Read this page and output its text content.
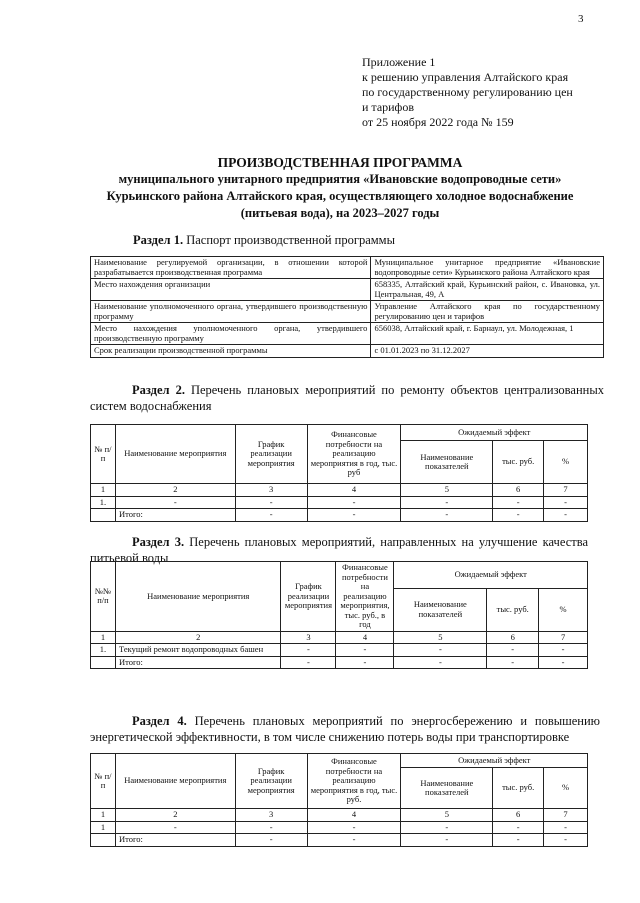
3
Приложение 1
к решению управления Алтайского края
по государственному регулированию цен
и тарифов
от 25 ноября 2022 года № 159
ПРОИЗВОДСТВЕННАЯ ПРОГРАММА
муниципального унитарного предприятия «Ивановские водопроводные сети»
Курьинского района Алтайского края, осуществляющего холодное водоснабжение
(питьевая вода), на 2023–2027 годы
Раздел 1. Паспорт производственной программы
Наименование регулируемой организации, в отношении которой разрабатывается производственная программа	Муниципальное унитарное предприятие «Ивановские водопроводные сети» Курьинского района Алтайского края
Место нахождения организации	658335, Алтайский край, Курьинский район, с. Ивановка, ул. Центральная, 49, А
Наименование уполномоченного органа, утвердившего производственную программу	Управление Алтайского края по государственному регулированию цен и тарифов
Место нахождения уполномоченного органа, утвердившего производственную программу	656038, Алтайский край, г. Барнаул, ул. Молодежная, 1
Срок реализации производственной программы	с 01.01.2023 по 31.12.2027
Раздел 2. Перечень плановых мероприятий по ремонту объектов централизованных систем водоснабжения
№ п/п	Наименование мероприятия	График реализации мероприятия	Финансовые потребности на реализацию мероприятия в год, тыс. руб	Ожидаемый эффект		
				Наименование показателей	тыс. руб.	%
1	2	3	4	5	6	7
1.	-	-	-	-	-	-
	Итого:	-	-	-	-	-
Раздел 3. Перечень плановых мероприятий, направленных на улучшение качества питьевой воды
№№ п/п	Наименование мероприятия	График реализации мероприятия	Финансовые потребности на реализацию мероприятия, тыс. руб., в год	Ожидаемый эффект		
				Наименование показателей	тыс. руб.	%
1	2	3	4	5	6	7
1.	Текущий ремонт водопроводных башен	-	-	-	-	-
	Итого:	-	-	-	-	-
Раздел 4. Перечень плановых мероприятий по энергосбережению и повышению энергетической эффективности, в том числе снижению потерь воды при транспортировке
№ п/п	Наименование мероприятия	График реализации мероприятия	Финансовые потребности на реализацию мероприятия в год, тыс. руб.	Ожидаемый эффект		
				Наименование показателей	тыс. руб.	%
1	2	3	4	5	6	7
1	-	-	-	-	-	-
	Итого:	-	-	-	-	-
